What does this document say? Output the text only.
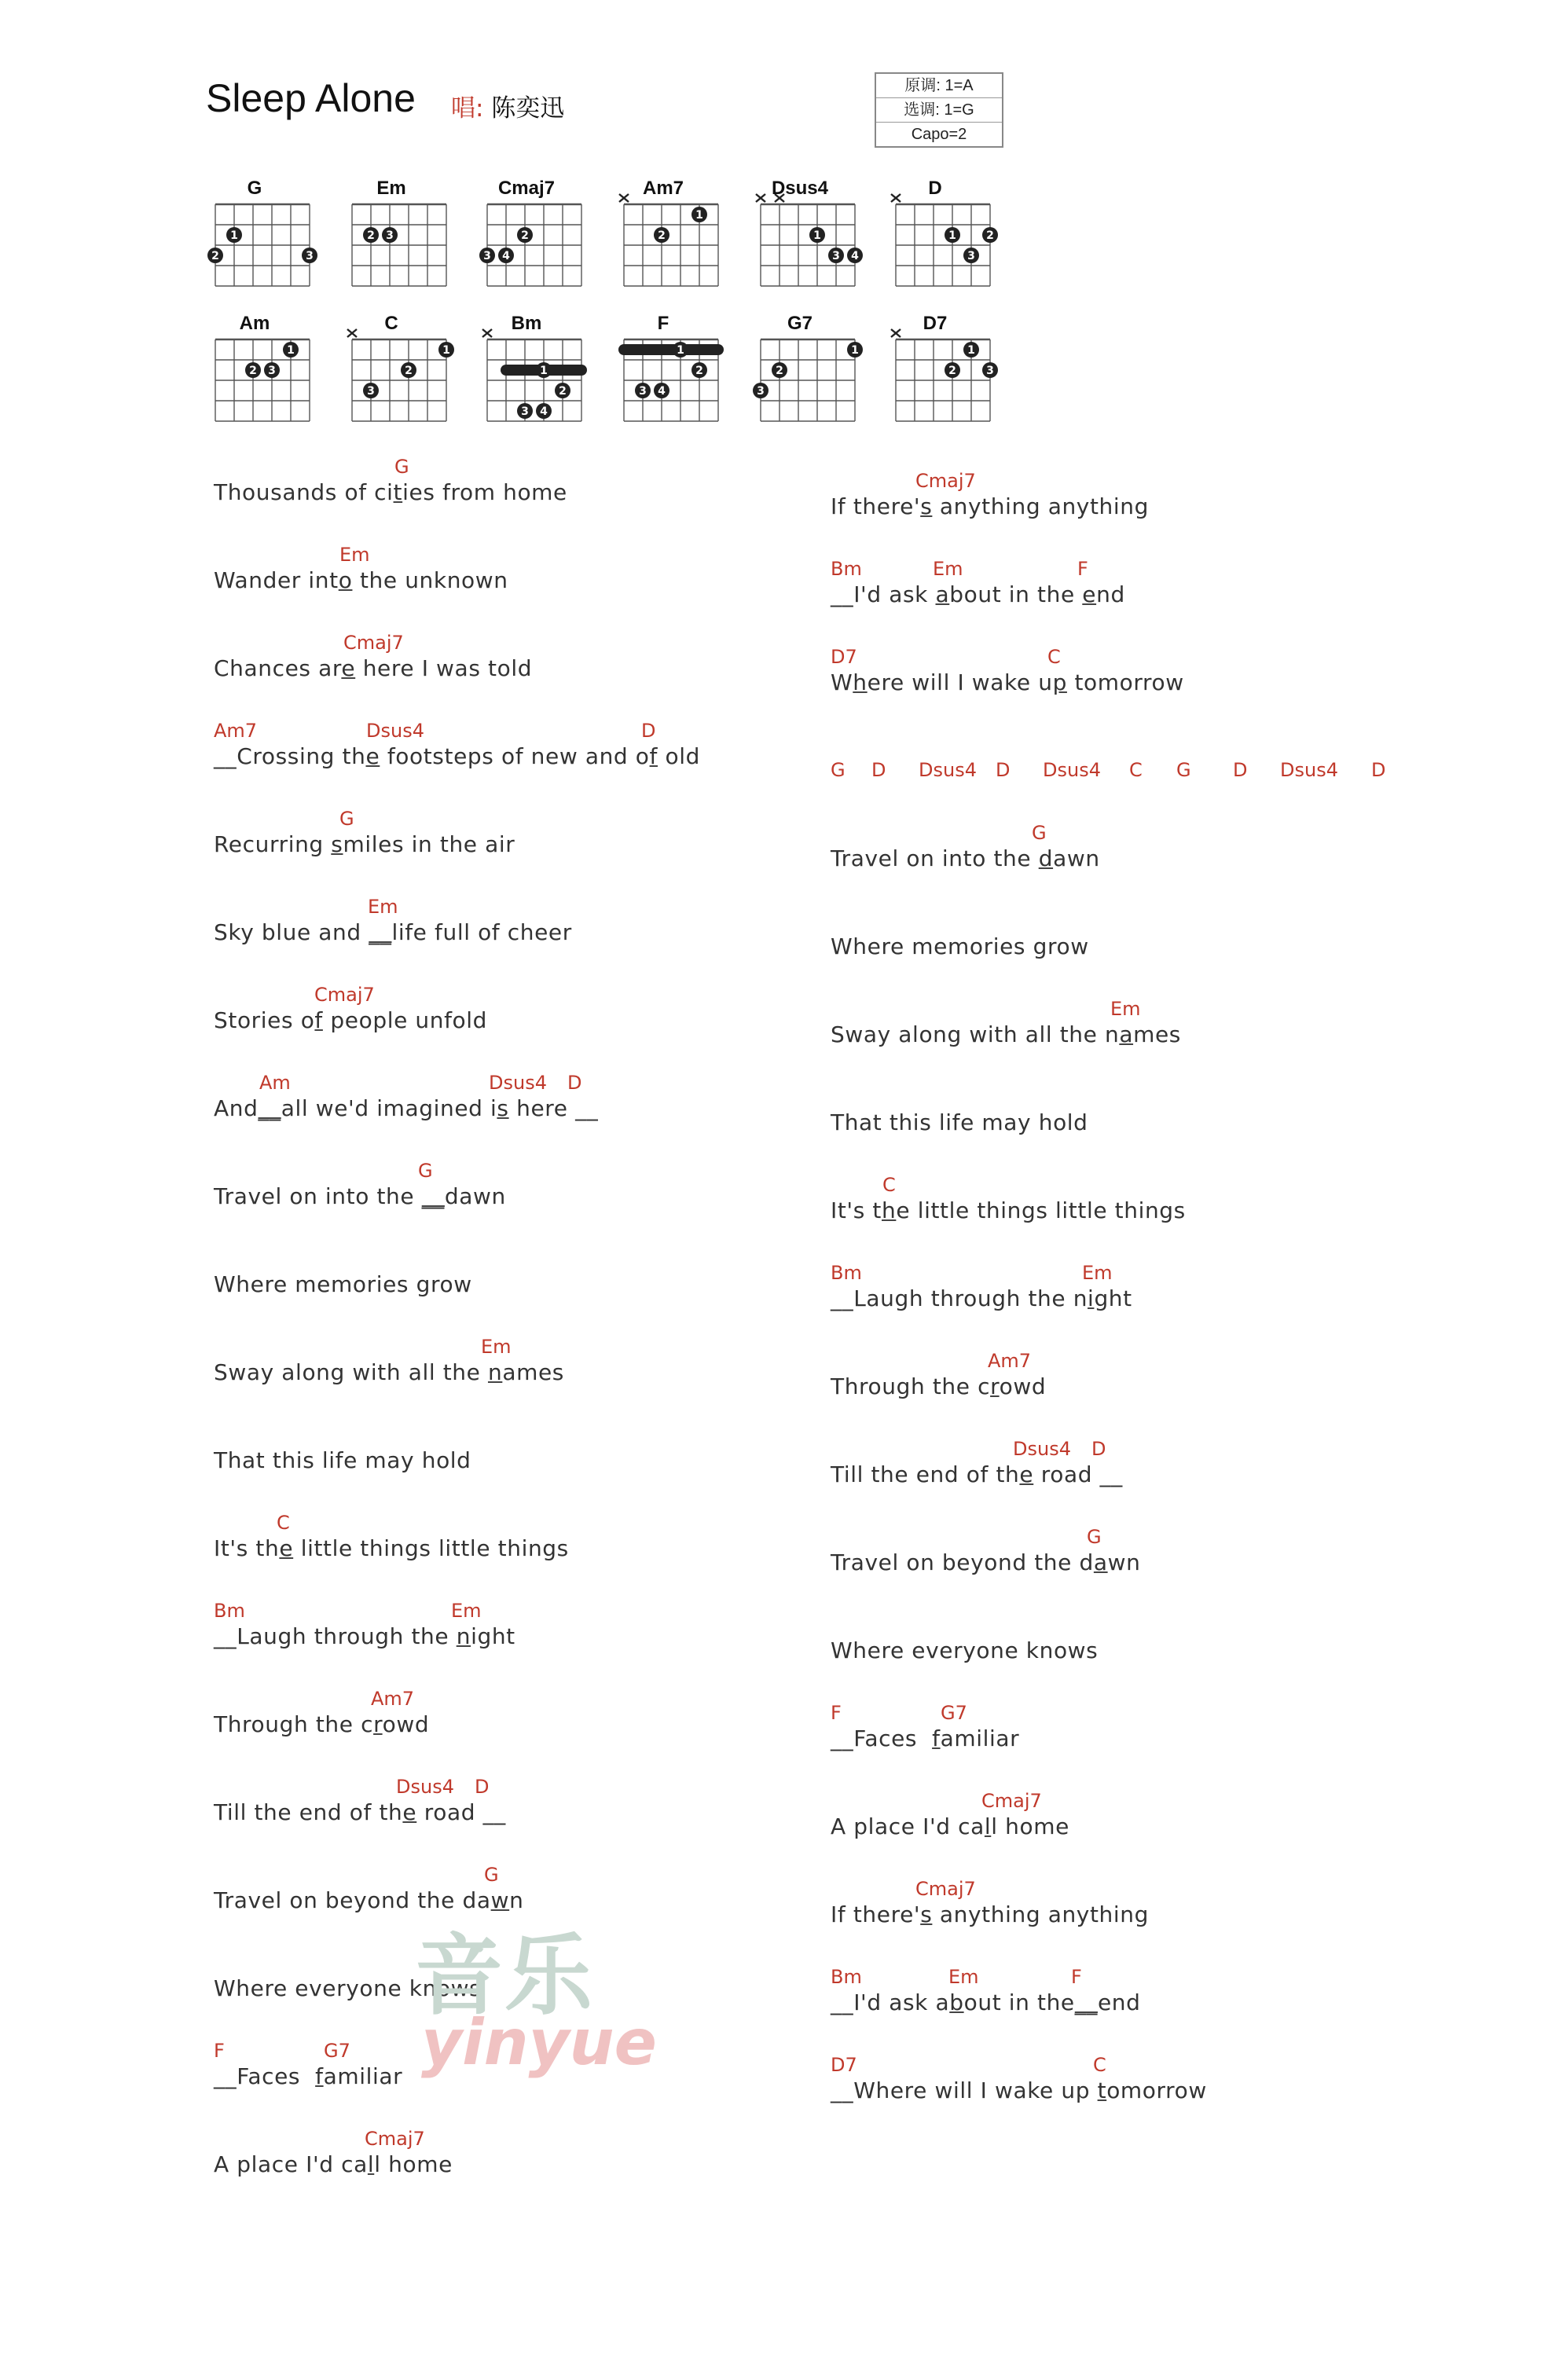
Sleep Alone 唱: 陈奕迅
原调: 1=A
选调: 1=G
Capo=2
G
1
2	3
Em
2 3
Cmaj7
2
3 4
Am7
1
2
Dsus4
1
3 4
D
1	2
3
Am
1
2 3
C
1
2
3
Bm
1
2
3 4
F
1
2
3 4
G7
1
2
3
D7
1
2	3
G
Thousands of cities from home
Em
Wander into the unknown
Cmaj7
Chances are here I was told
Am7	Dsus4	D
__Crossing the footsteps of new and of old
G
Recurring smiles in the air
Em
Sky blue and __life full of cheer
Cmaj7
Stories of people unfold
Am	Dsus4 D
And__all we'd imagined is here __
G
Travel on into the __dawn
Where memories grow
Em
Sway along with all the names
That this life may hold
C
It's the little things little things
Bm	Em
__Laugh through the night
Am7
Through the crowd
Dsus4 D
Till the end of the road __
G
Travel on beyond the dawn
Where everyone knows
F	G7
__Faces  familiar
Cmaj7
A place I'd call home
Cmaj7
If there's anything anything
Bm	Em	F
__I'd ask about in the end
D7	C
Where will I wake up tomorrow
G
Travel on into the dawn
Where memories grow
Em
Sway along with all the names
That this life may hold
C
It's the little things little things
Bm	Em
__Laugh through the night
Am7
Through the crowd
Dsus4 D
Till the end of the road __
G
Travel on beyond the dawn
Where everyone knows
F	G7
__Faces  familiar
Cmaj7
A place I'd call home
Cmaj7
If there's anything anything
Bm	Em	F
__I'd ask about in the__end
D7	C
__Where will I wake up tomorrow
G D Dsus4 D Dsus4 C G D Dsus4 D
音乐
yinyue
